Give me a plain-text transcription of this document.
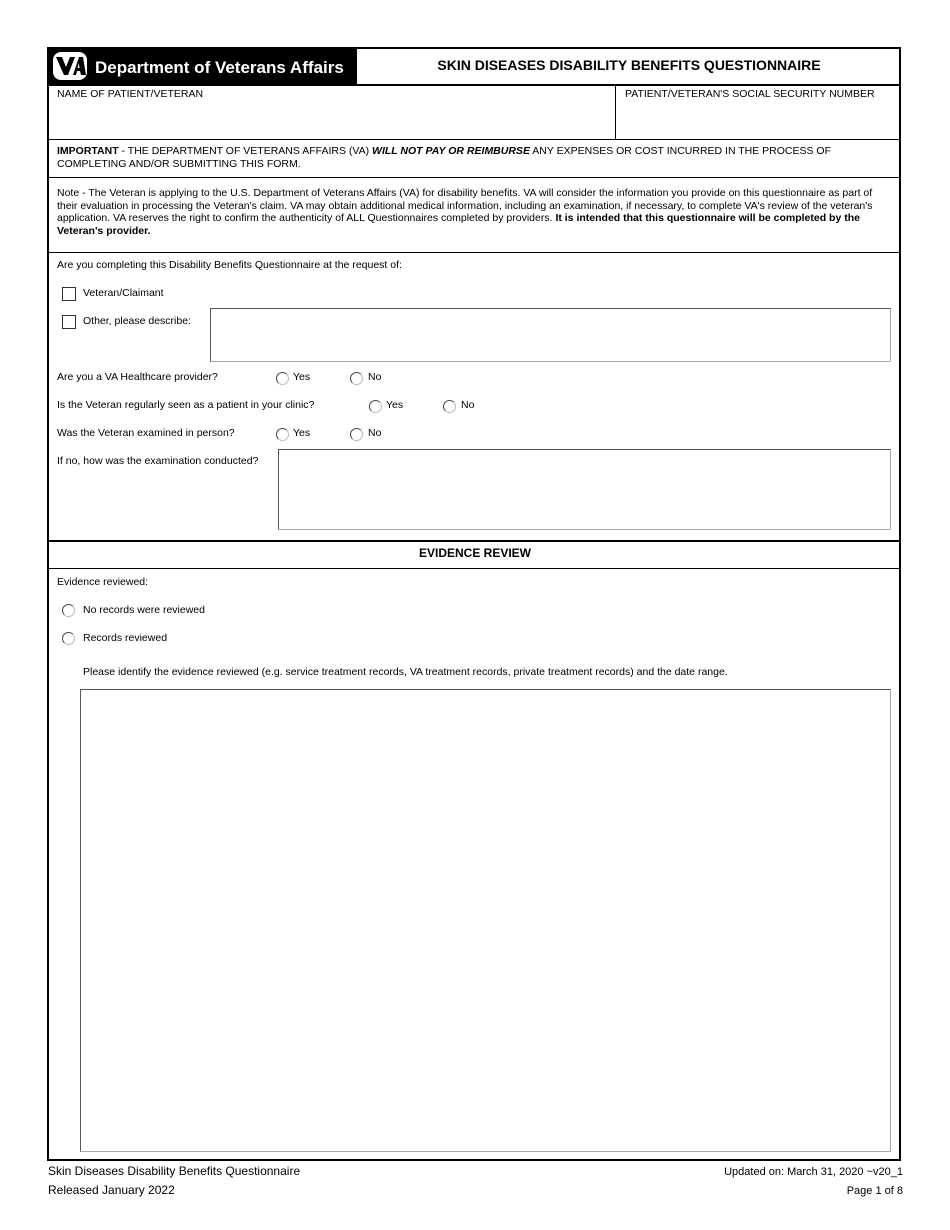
Department of Veterans Affairs	SKIN DISEASES DISABILITY BENEFITS QUESTIONNAIRE
NAME OF PATIENT/VETERAN	PATIENT/VETERAN'S SOCIAL SECURITY NUMBER
IMPORTANT - THE DEPARTMENT OF VETERANS AFFAIRS (VA) WILL NOT PAY OR REIMBURSE ANY EXPENSES OR COST INCURRED IN THE PROCESS OF COMPLETING AND/OR SUBMITTING THIS FORM.
Note - The Veteran is applying to the U.S. Department of Veterans Affairs (VA) for disability benefits. VA will consider the information you provide on this questionnaire as part of their evaluation in processing the Veteran's claim. VA may obtain additional medical information, including an examination, if necessary, to complete VA's review of the veteran's application. VA reserves the right to confirm the authenticity of ALL Questionnaires completed by providers. It is intended that this questionnaire will be completed by the Veteran's provider.
Are you completing this Disability Benefits Questionnaire at the request of:
Veteran/Claimant
Other, please describe:
Are you a VA Healthcare provider?	Yes	No
Is the Veteran regularly seen as a patient in your clinic?	Yes	No
Was the Veteran examined in person?	Yes	No
If no, how was the examination conducted?
EVIDENCE REVIEW
Evidence reviewed:
No records were reviewed
Records reviewed
Please identify the evidence reviewed (e.g. service treatment records, VA treatment records, private treatment records) and the date range.
Skin Diseases Disability Benefits Questionnaire
Released January 2022
Updated on: March 31, 2020 ~v20_1
Page 1 of 8
